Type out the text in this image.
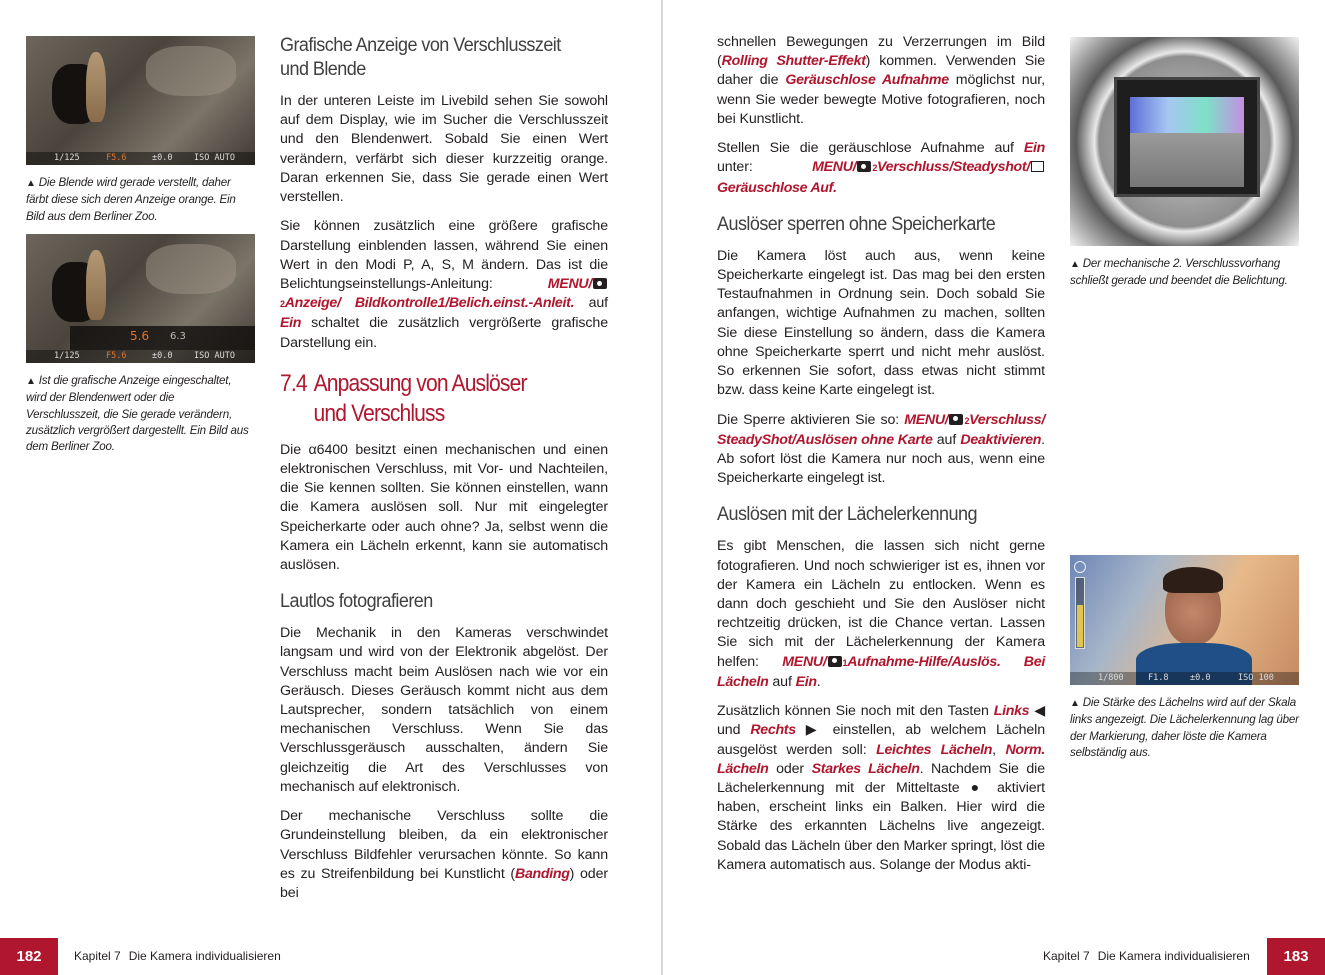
1/125	F5.6	±0.0	ISO AUTO
▲ Die Blende wird gerade verstellt, daher färbt diese sich deren Anzeige orange. Ein Bild aus dem Berliner Zoo.
5.6 6.3
1/125	F5.6	±0.0	ISO AUTO
▲ Ist die grafische Anzeige eingeschaltet, wird der Blendenwert oder die Verschlusszeit, die Sie gerade verändern, zusätzlich vergrößert dargestellt. Ein Bild aus dem Berliner Zoo.
Grafische Anzeige von Verschlusszeit
und Blende

In der unteren Leiste im Livebild sehen Sie sowohl auf dem Display, wie im Sucher die Verschlusszeit und den Blendenwert. Sobald Sie einen Wert verändern, verfärbt sich dieser kurzzeitig orange. Daran erkennen Sie, dass Sie gerade einen Wert verstellen.

Sie können zusätzlich eine größere grafische Darstellung einblenden lassen, während Sie einen Wert in den Modi P, A, S, M ändern. Das ist die Belichtungseinstellungs-Anleitung: MENU/2Anzeige/ Bildkontrolle1/Belich.einst.-Anleit. auf Ein schaltet die zusätzlich vergrößerte grafische Darstellung ein.

7.4 Anpassung von Auslöser
und Verschluss

Die α6400 besitzt einen mechanischen und einen elektronischen Verschluss, mit Vor- und Nachteilen, die Sie kennen sollten. Sie können einstellen, wann die Kamera auslösen soll. Nur mit eingelegter Speicherkarte oder auch ohne? Ja, selbst wenn die Kamera ein Lächeln erkennt, kann sie automatisch auslösen.

Lautlos fotografieren

Die Mechanik in den Kameras verschwindet langsam und wird von der Elektronik abgelöst. Der Verschluss macht beim Auslösen nach wie vor ein Geräusch. Dieses Geräusch kommt nicht aus dem Lautsprecher, sondern tatsächlich von einem mechanischen Verschluss. Wenn Sie das Verschlussgeräusch ausschalten, ändern Sie gleichzeitig die Art des Verschlusses von mechanisch auf elektronisch.

Der mechanische Verschluss sollte die Grundeinstellung bleiben, da ein elektronischer Verschluss Bildfehler verursachen könnte. So kann es zu Streifenbildung bei Kunstlicht (Banding) oder bei

182	Kapitel 7 Die Kamera individualisieren

schnellen Bewegungen zu Verzerrungen im Bild (Rolling Shutter-Effekt) kommen. Verwenden Sie daher die Geräuschlose Aufnahme möglichst nur, wenn Sie weder bewegte Motive fotografieren, noch bei Kunstlicht.

Stellen Sie die geräuschlose Aufnahme auf Ein unter: MENU/ 2Verschluss/Steadyshot/Geräuschlose Auf.

Auslöser sperren ohne Speicherkarte

Die Kamera löst auch aus, wenn keine Speicherkarte eingelegt ist. Das mag bei den ersten Testaufnahmen in Ordnung sein. Doch sobald Sie anfangen, wichtige Aufnahmen zu machen, sollten Sie diese Einstellung so ändern, dass die Kamera ohne Speicherkarte sperrt und nicht mehr auslöst. So erkennen Sie sofort, dass etwas nicht stimmt bzw. dass keine Karte eingelegt ist.

Die Sperre aktivieren Sie so: MENU/ 2Verschluss/ SteadyShot/Auslösen ohne Karte auf Deaktivieren. Ab sofort löst die Kamera nur noch aus, wenn eine Speicherkarte eingelegt ist.

Auslösen mit der Lächelerkennung

Es gibt Menschen, die lassen sich nicht gerne fotografieren. Und noch schwieriger ist es, ihnen vor der Kamera ein Lächeln zu entlocken. Wenn es dann doch geschieht und Sie den Auslöser nicht rechtzeitig drücken, ist die Chance vertan. Lassen Sie sich mit der Lächelerkennung der Kamera helfen: MENU/ 1Aufnahme-Hilfe/Auslös. Bei Lächeln auf Ein.

Zusätzlich können Sie noch mit den Tasten Links ◀ und Rechts ▶ einstellen, ab welchem Lächeln ausgelöst werden soll: Leichtes Lächeln, Norm. Lächeln oder Starkes Lächeln. Nachdem Sie die Lächelerkennung mit der Mitteltaste ● aktiviert haben, erscheint links ein Balken. Hier wird die Stärke des erkannten Lächelns live angezeigt. Sobald das Lächeln über den Marker springt, löst die Kamera automatisch aus. Solange der Modus akti-

▲ Der mechanische 2. Verschlussvorhang schließt gerade und beendet die Belichtung.
1/800	F1.8	±0.0	ISO 100
▲ Die Stärke des Lächelns wird auf der Skala links angezeigt. Die Lächelerkennung lag über der Markierung, daher löste die Kamera selbständig aus.
Kapitel 7 Die Kamera individualisieren	183
